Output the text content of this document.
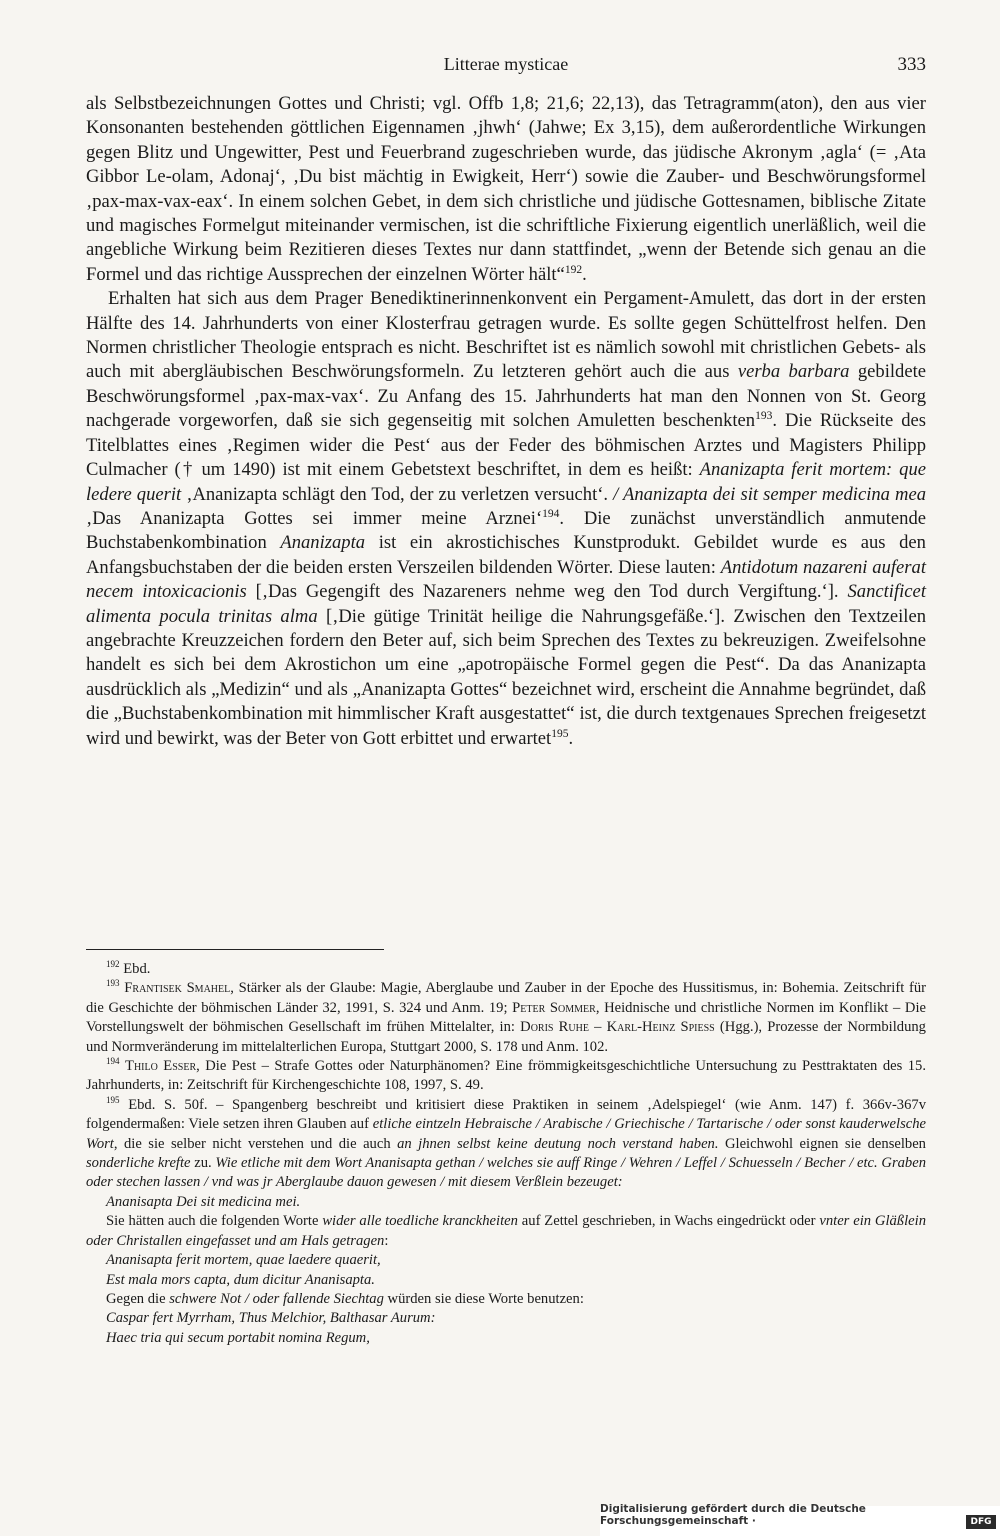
Litterae mysticae	333

als Selbstbezeichnungen Gottes und Christi; vgl. Offb 1,8; 21,6; 22,13), das Tetragramm(aton), den aus vier Konsonanten bestehenden göttlichen Eigennamen ‚jhwh‘ (Jahwe; Ex 3,15), dem außerordentliche Wirkungen gegen Blitz und Ungewitter, Pest und Feuerbrand zugeschrieben wurde, das jüdische Akronym ‚agla‘ (= ‚Ata Gibbor Le-olam, Adonaj‘, ‚Du bist mächtig in Ewigkeit, Herr‘) sowie die Zauber- und Beschwörungsformel ‚pax-max-vax-eax‘. In einem solchen Gebet, in dem sich christliche und jüdische Gottesnamen, biblische Zitate und magisches Formelgut miteinander vermischen, ist die schriftliche Fixierung eigentlich unerläßlich, weil die angebliche Wirkung beim Rezitieren dieses Textes nur dann stattfindet, „wenn der Betende sich genau an die Formel und das richtige Aussprechen der einzelnen Wörter hält“$^{192}$.

Erhalten hat sich aus dem Prager Benediktinerinnenkonvent ein Pergament-Amulett, das dort in der ersten Hälfte des 14. Jahrhunderts von einer Klosterfrau getragen wurde. Es sollte gegen Schüttelfrost helfen. Den Normen christlicher Theologie entsprach es nicht. Beschriftet ist es nämlich sowohl mit christlichen Gebets- als auch mit abergläubischen Beschwörungsformeln. Zu letzteren gehört auch die aus verba barbara gebildete Beschwörungsformel ‚pax-max-vax‘. Zu Anfang des 15. Jahrhunderts hat man den Nonnen von St. Georg nachgerade vorgeworfen, daß sie sich gegenseitig mit solchen Amuletten beschenkten$^{193}$. Die Rückseite des Titelblattes eines ‚Regimen wider die Pest‘ aus der Feder des böhmischen Arztes und Magisters Philipp Culmacher († um 1490) ist mit einem Gebetstext beschriftet, in dem es heißt: Ananizapta ferit mortem: que ledere querit ‚Ananizapta schlägt den Tod, der zu verletzen versucht‘. / Ananizapta dei sit semper medicina mea ‚Das Ananizapta Gottes sei immer meine Arznei‘$^{194}$. Die zunächst unverständlich anmutende Buchstabenkombination Ananizapta ist ein akrostichisches Kunstprodukt. Gebildet wurde es aus den Anfangsbuchstaben der die beiden ersten Verszeilen bildenden Wörter. Diese lauten: Antidotum nazareni auferat necem intoxicacionis [‚Das Gegengift des Nazareners nehme weg den Tod durch Vergiftung.‘]. Sanctificet alimenta pocula trinitas alma [‚Die gütige Trinität heilige die Nahrungsgefäße.‘]. Zwischen den Textzeilen angebrachte Kreuzzeichen fordern den Beter auf, sich beim Sprechen des Textes zu bekreuzigen. Zweifelsohne handelt es sich bei dem Akrostichon um eine „apotropäische Formel gegen die Pest“. Da das Ananizapta ausdrücklich als „Medizin“ und als „Ananizapta Gottes“ bezeichnet wird, erscheint die Annahme begründet, daß die „Buchstabenkombination mit himmlischer Kraft ausgestattet“ ist, die durch textgenaues Sprechen freigesetzt wird und bewirkt, was der Beter von Gott erbittet und erwartet$^{195}$.

$^{192}$ Ebd.

$^{193}$ Frantisek Smahel, Stärker als der Glaube: Magie, Aberglaube und Zauber in der Epoche des Hussitismus, in: Bohemia. Zeitschrift für die Geschichte der böhmischen Länder 32, 1991, S. 324 und Anm. 19; Peter Sommer, Heidnische und christliche Normen im Konflikt – Die Vorstellungswelt der böhmischen Gesellschaft im frühen Mittelalter, in: Doris Ruhe – Karl-Heinz Spiess (Hgg.), Prozesse der Normbildung und Normveränderung im mittelalterlichen Europa, Stuttgart 2000, S. 178 und Anm. 102.

$^{194}$ Thilo Esser, Die Pest – Strafe Gottes oder Naturphänomen? Eine frömmigkeitsgeschichtliche Untersuchung zu Pesttraktaten des 15. Jahrhunderts, in: Zeitschrift für Kirchengeschichte 108, 1997, S. 49.

$^{195}$ Ebd. S. 50f. – Spangenberg beschreibt und kritisiert diese Praktiken in seinem ‚Adelspiegel‘ (wie Anm. 147) f. 366v-367v folgendermaßen: Viele setzen ihren Glauben auf etliche eintzeln Hebraische / Arabische / Griechische / Tartarische / oder sonst kauderwelsche Wort, die sie selber nicht verstehen und die auch an jhnen selbst keine deutung noch verstand haben. Gleichwohl eignen sie denselben sonderliche krefte zu. Wie etliche mit dem Wort Ananisapta gethan / welches sie auff Ringe / Wehren / Leffel / Schuesseln / Becher / etc. Graben oder stechen lassen / vnd was jr Aberglaube dauon gewesen / mit diesem Verßlein bezeuget:

Ananisapta Dei sit medicina mei.

Sie hätten auch die folgenden Worte wider alle toedliche kranckheiten auf Zettel geschrieben, in Wachs eingedrückt oder vnter ein Gläßlein oder Christallen eingefasset und am Hals getragen:

Ananisapta ferit mortem, quae laedere quaerit,

Est mala mors capta, dum dicitur Ananisapta.

Gegen die schwere Not / oder fallende Siechtag würden sie diese Worte benutzen:

Caspar fert Myrrham, Thus Melchior, Balthasar Aurum:

Haec tria qui secum portabit nomina Regum,

Digitalisierung gefördert durch die Deutsche Forschungsgemeinschaft ·	DFG
